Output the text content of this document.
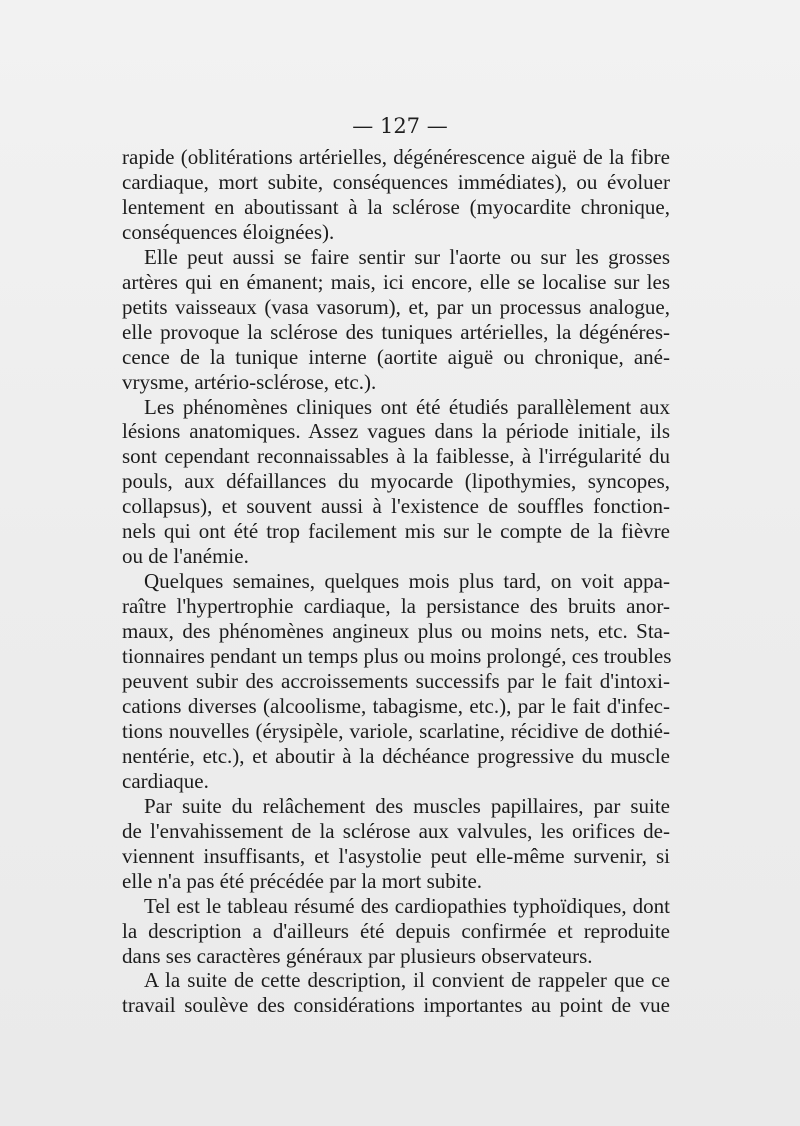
— 127 —
rapide (oblitérations artérielles, dégénérescence aiguë de la fibre
cardiaque, mort subite, conséquences immédiates), ou évoluer
lentement en aboutissant à la sclérose (myocardite chronique,
conséquences éloignées).
Elle peut aussi se faire sentir sur l'aorte ou sur les grosses
artères qui en émanent; mais, ici encore, elle se localise sur les
petits vaisseaux (vasa vasorum), et, par un processus analogue,
elle provoque la sclérose des tuniques artérielles, la dégénéres-
cence de la tunique interne (aortite aiguë ou chronique, ané-
vrysme, artério-sclérose, etc.).
Les phénomènes cliniques ont été étudiés parallèlement aux
lésions anatomiques. Assez vagues dans la période initiale, ils
sont cependant reconnaissables à la faiblesse, à l'irrégularité du
pouls, aux défaillances du myocarde (lipothymies, syncopes,
collapsus), et souvent aussi à l'existence de souffles fonction-
nels qui ont été trop facilement mis sur le compte de la fièvre
ou de l'anémie.
Quelques semaines, quelques mois plus tard, on voit appa-
raître l'hypertrophie cardiaque, la persistance des bruits anor-
maux, des phénomènes angineux plus ou moins nets, etc. Sta-
tionnaires pendant un temps plus ou moins prolongé, ces troubles
peuvent subir des accroissements successifs par le fait d'intoxi-
cations diverses (alcoolisme, tabagisme, etc.), par le fait d'infec-
tions nouvelles (érysipèle, variole, scarlatine, récidive de dothié-
nentérie, etc.), et aboutir à la déchéance progressive du muscle
cardiaque.
Par suite du relâchement des muscles papillaires, par suite
de l'envahissement de la sclérose aux valvules, les orifices de-
viennent insuffisants, et l'asystolie peut elle-même survenir, si
elle n'a pas été précédée par la mort subite.
Tel est le tableau résumé des cardiopathies typhoïdiques, dont
la description a d'ailleurs été depuis confirmée et reproduite
dans ses caractères généraux par plusieurs observateurs.
A la suite de cette description, il convient de rappeler que ce
travail soulève des considérations importantes au point de vue
